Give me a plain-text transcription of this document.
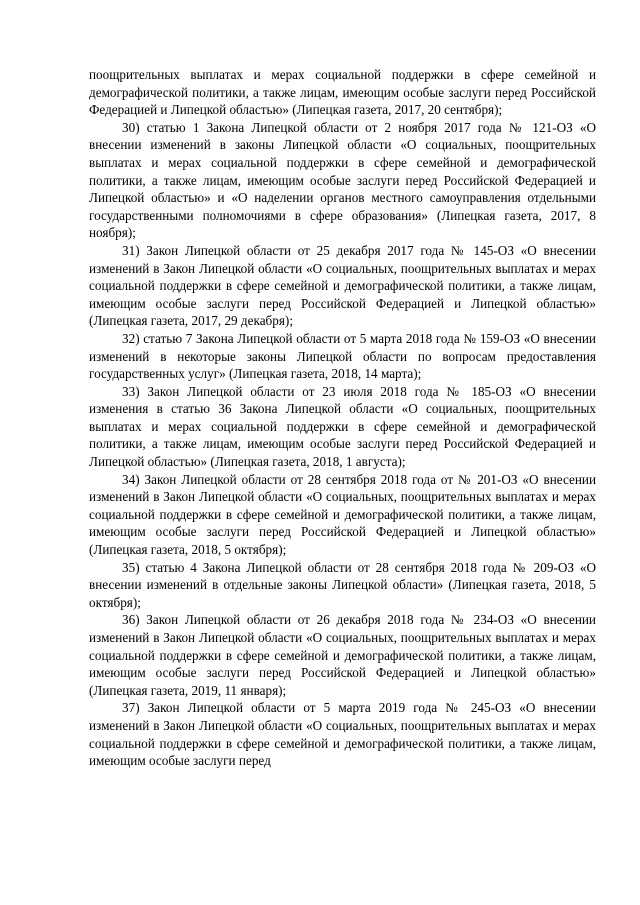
поощрительных выплатах и мерах социальной поддержки в сфере семейной и демографической политики, а также лицам, имеющим особые заслуги перед Российской Федерацией и Липецкой областью» (Липецкая газета, 2017, 20 сентября);

30) статью 1 Закона Липецкой области от 2 ноября 2017 года № 121-ОЗ «О внесении изменений в законы Липецкой области «О социальных, поощрительных выплатах и мерах социальной поддержки в сфере семейной и демографической политики, а также лицам, имеющим особые заслуги перед Российской Федерацией и Липецкой областью» и «О наделении органов местного самоуправления отдельными государственными полномочиями в сфере образования» (Липецкая газета, 2017, 8 ноября);

31) Закон Липецкой области от 25 декабря 2017 года № 145-ОЗ «О внесении изменений в Закон Липецкой области «О социальных, поощрительных выплатах и мерах социальной поддержки в сфере семейной и демографической политики, а также лицам, имеющим особые заслуги перед Российской Федерацией и Липецкой областью» (Липецкая газета, 2017, 29 декабря);

32) статью 7 Закона Липецкой области от 5 марта 2018 года № 159-ОЗ «О внесении изменений в некоторые законы Липецкой области по вопросам предоставления государственных услуг» (Липецкая газета, 2018, 14 марта);

33) Закон Липецкой области от 23 июля 2018 года № 185-ОЗ «О внесении изменения в статью 36 Закона Липецкой области «О социальных, поощрительных выплатах и мерах социальной поддержки в сфере семейной и демографической политики, а также лицам, имеющим особые заслуги перед Российской Федерацией и Липецкой областью» (Липецкая газета, 2018, 1 августа);

34) Закон Липецкой области от 28 сентября 2018 года от № 201-ОЗ «О внесении изменений в Закон Липецкой области «О социальных, поощрительных выплатах и мерах социальной поддержки в сфере семейной и демографической политики, а также лицам, имеющим особые заслуги перед Российской Федерацией и Липецкой областью» (Липецкая газета, 2018, 5 октября);

35) статью 4 Закона Липецкой области от 28 сентября 2018 года № 209-ОЗ «О внесении изменений в отдельные законы Липецкой области» (Липецкая газета, 2018, 5 октября);

36) Закон Липецкой области от 26 декабря 2018 года № 234-ОЗ «О внесении изменений в Закон Липецкой области «О социальных, поощрительных выплатах и мерах социальной поддержки в сфере семейной и демографической политики, а также лицам, имеющим особые заслуги перед Российской Федерацией и Липецкой областью» (Липецкая газета, 2019, 11 января);

37) Закон Липецкой области от 5 марта 2019 года № 245-ОЗ «О внесении изменений в Закон Липецкой области «О социальных, поощрительных выплатах и мерах социальной поддержки в сфере семейной и демографической политики, а также лицам, имеющим особые заслуги перед
